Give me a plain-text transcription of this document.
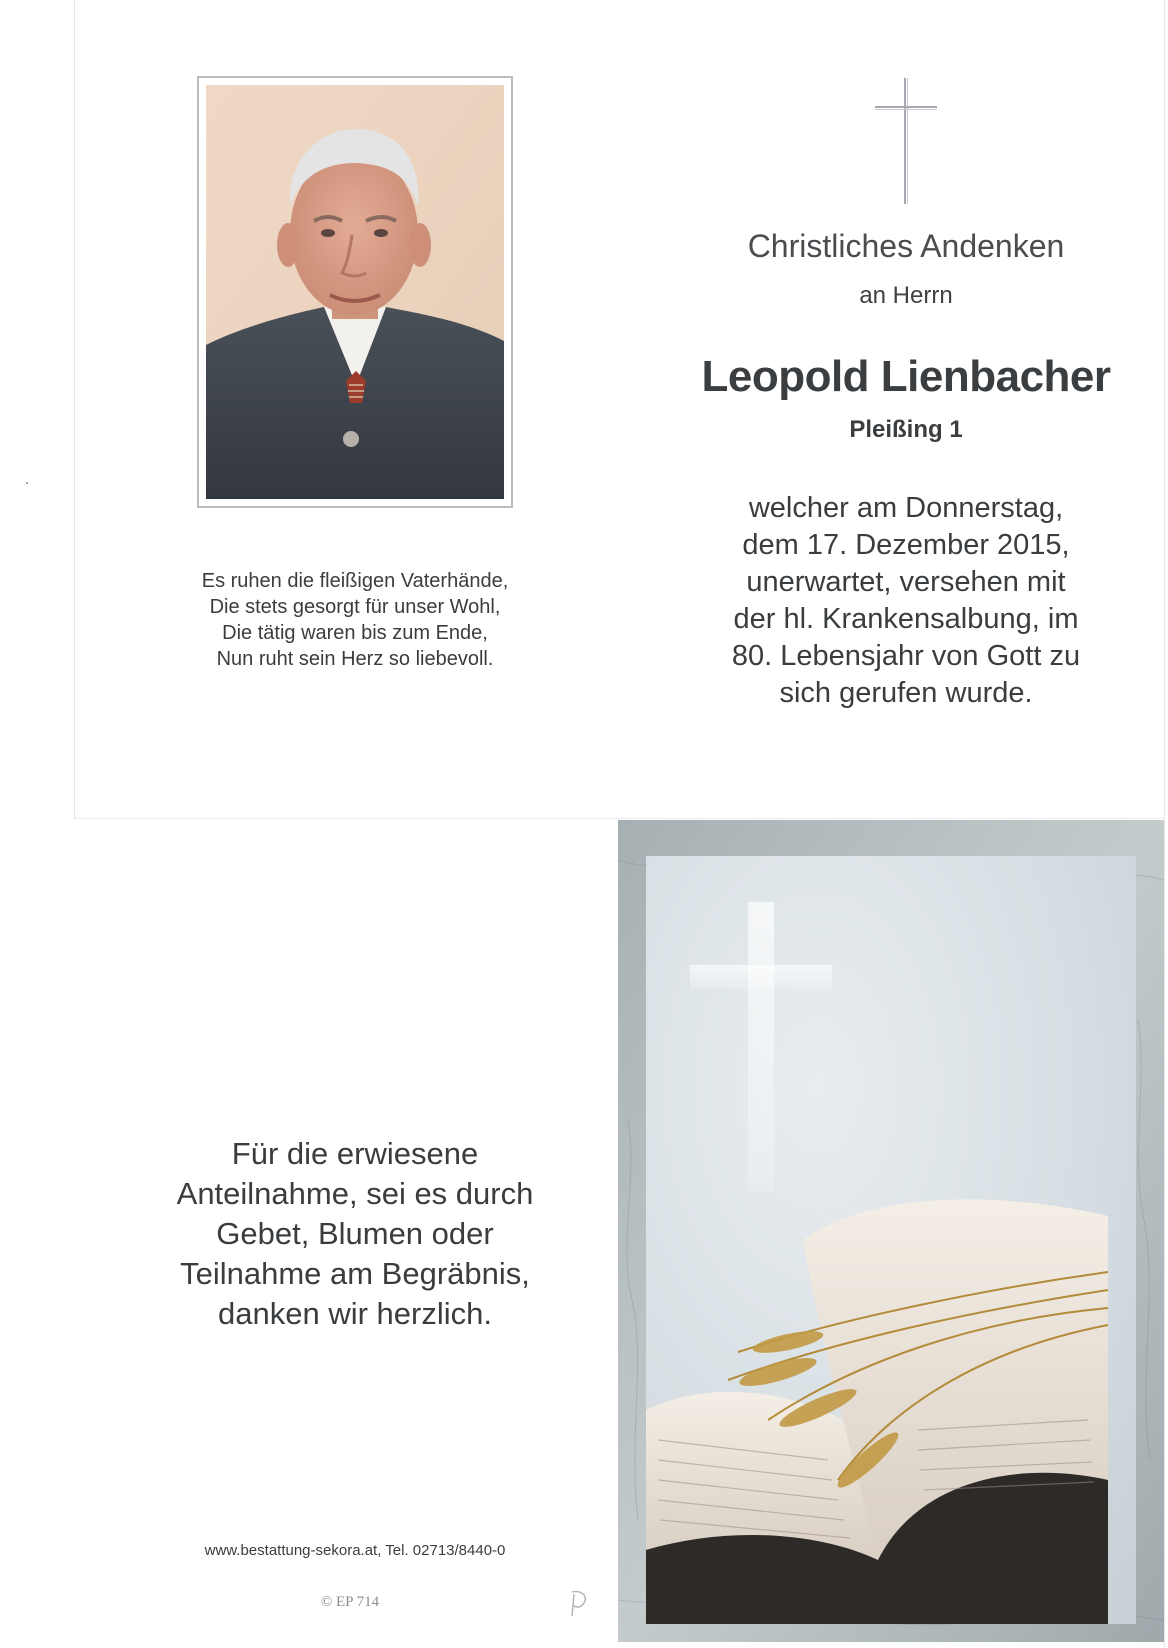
Es ruhen die fleißigen Vaterhände,
Die stets gesorgt für unser Wohl,
Die tätig waren bis zum Ende,
Nun ruht sein Herz so liebevoll.
Christliches Andenken
an Herrn
Leopold Lienbacher
Pleißing 1
welcher am Donnerstag,
dem 17. Dezember 2015,
unerwartet, versehen mit
der hl. Krankensalbung, im
80. Lebensjahr von Gott zu
sich gerufen wurde.
Für die erwiesene
Anteilnahme, sei es durch
Gebet, Blumen oder
Teilnahme am Begräbnis,
danken wir herzlich.
www.bestattung-sekora.at, Tel. 02713/8440-0
© EP 714
